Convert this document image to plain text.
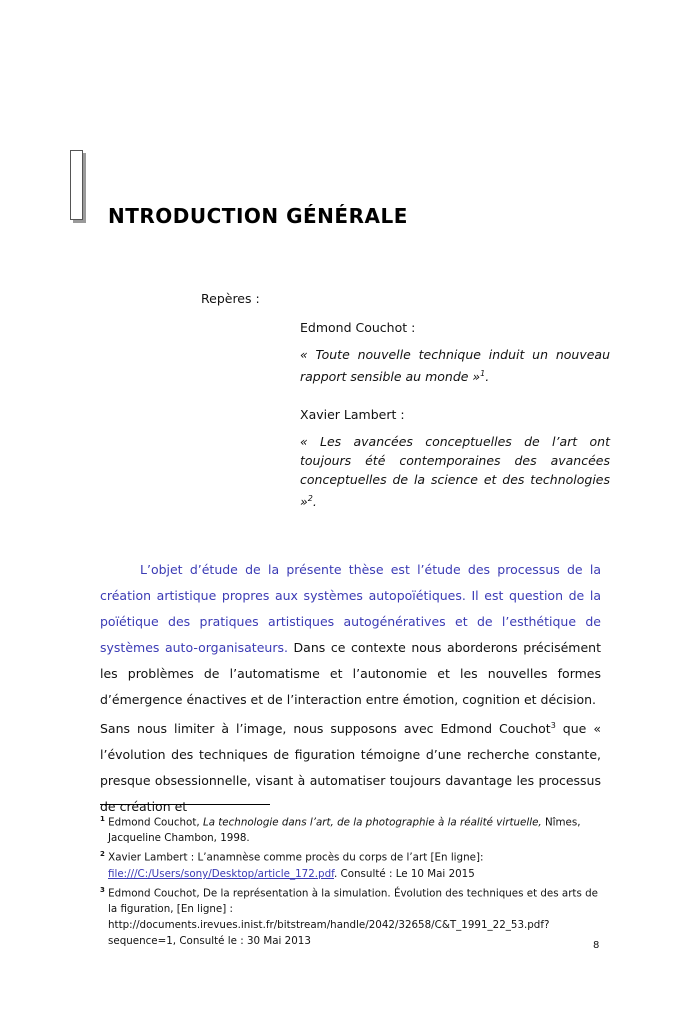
NTRODUCTION GÉNÉRALE
Repères :

Edmond Couchot :

« Toute nouvelle technique induit un nouveau rapport sensible au monde »$^1$.

Xavier Lambert :

« Les avancées conceptuelles de l’art ont toujours été contemporaines des avancées conceptuelles de la science et des technologies »$^2$.

L’objet d’étude de la présente thèse est l’étude des processus de la création artistique propres aux systèmes autopoïétiques. Il est question de la poïétique des pratiques artistiques autogénératives et de l’esthétique de systèmes auto-organisateurs. Dans ce contexte nous aborderons précisément les problèmes de l’automatisme et l’autonomie et les nouvelles formes d’émergence énactives et de l’interaction entre émotion, cognition et décision.

Sans nous limiter à l’image, nous supposons avec Edmond Couchot$^3$ que « l’évolution des techniques de figuration témoigne d’une recherche constante, presque obsessionnelle, visant à automatiser toujours davantage les processus de création et

$^1$ Edmond Couchot, La technologie dans l’art, de la photographie à la réalité virtuelle, Nîmes, Jacqueline Chambon, 1998.

$^2$ Xavier Lambert : L’anamnèse comme procès du corps de l’art [En ligne]: file:///C:/Users/sony/Desktop/article_172.pdf. Consulté : Le 10 Mai 2015

$^3$ Edmond Couchot, De la représentation à la simulation. Évolution des techniques et des arts de la figuration, [En ligne] : http://documents.irevues.inist.fr/bitstream/handle/2042/32658/C&T_1991_22_53.pdf?sequence=1, Consulté le : 30 Mai 2013	8
